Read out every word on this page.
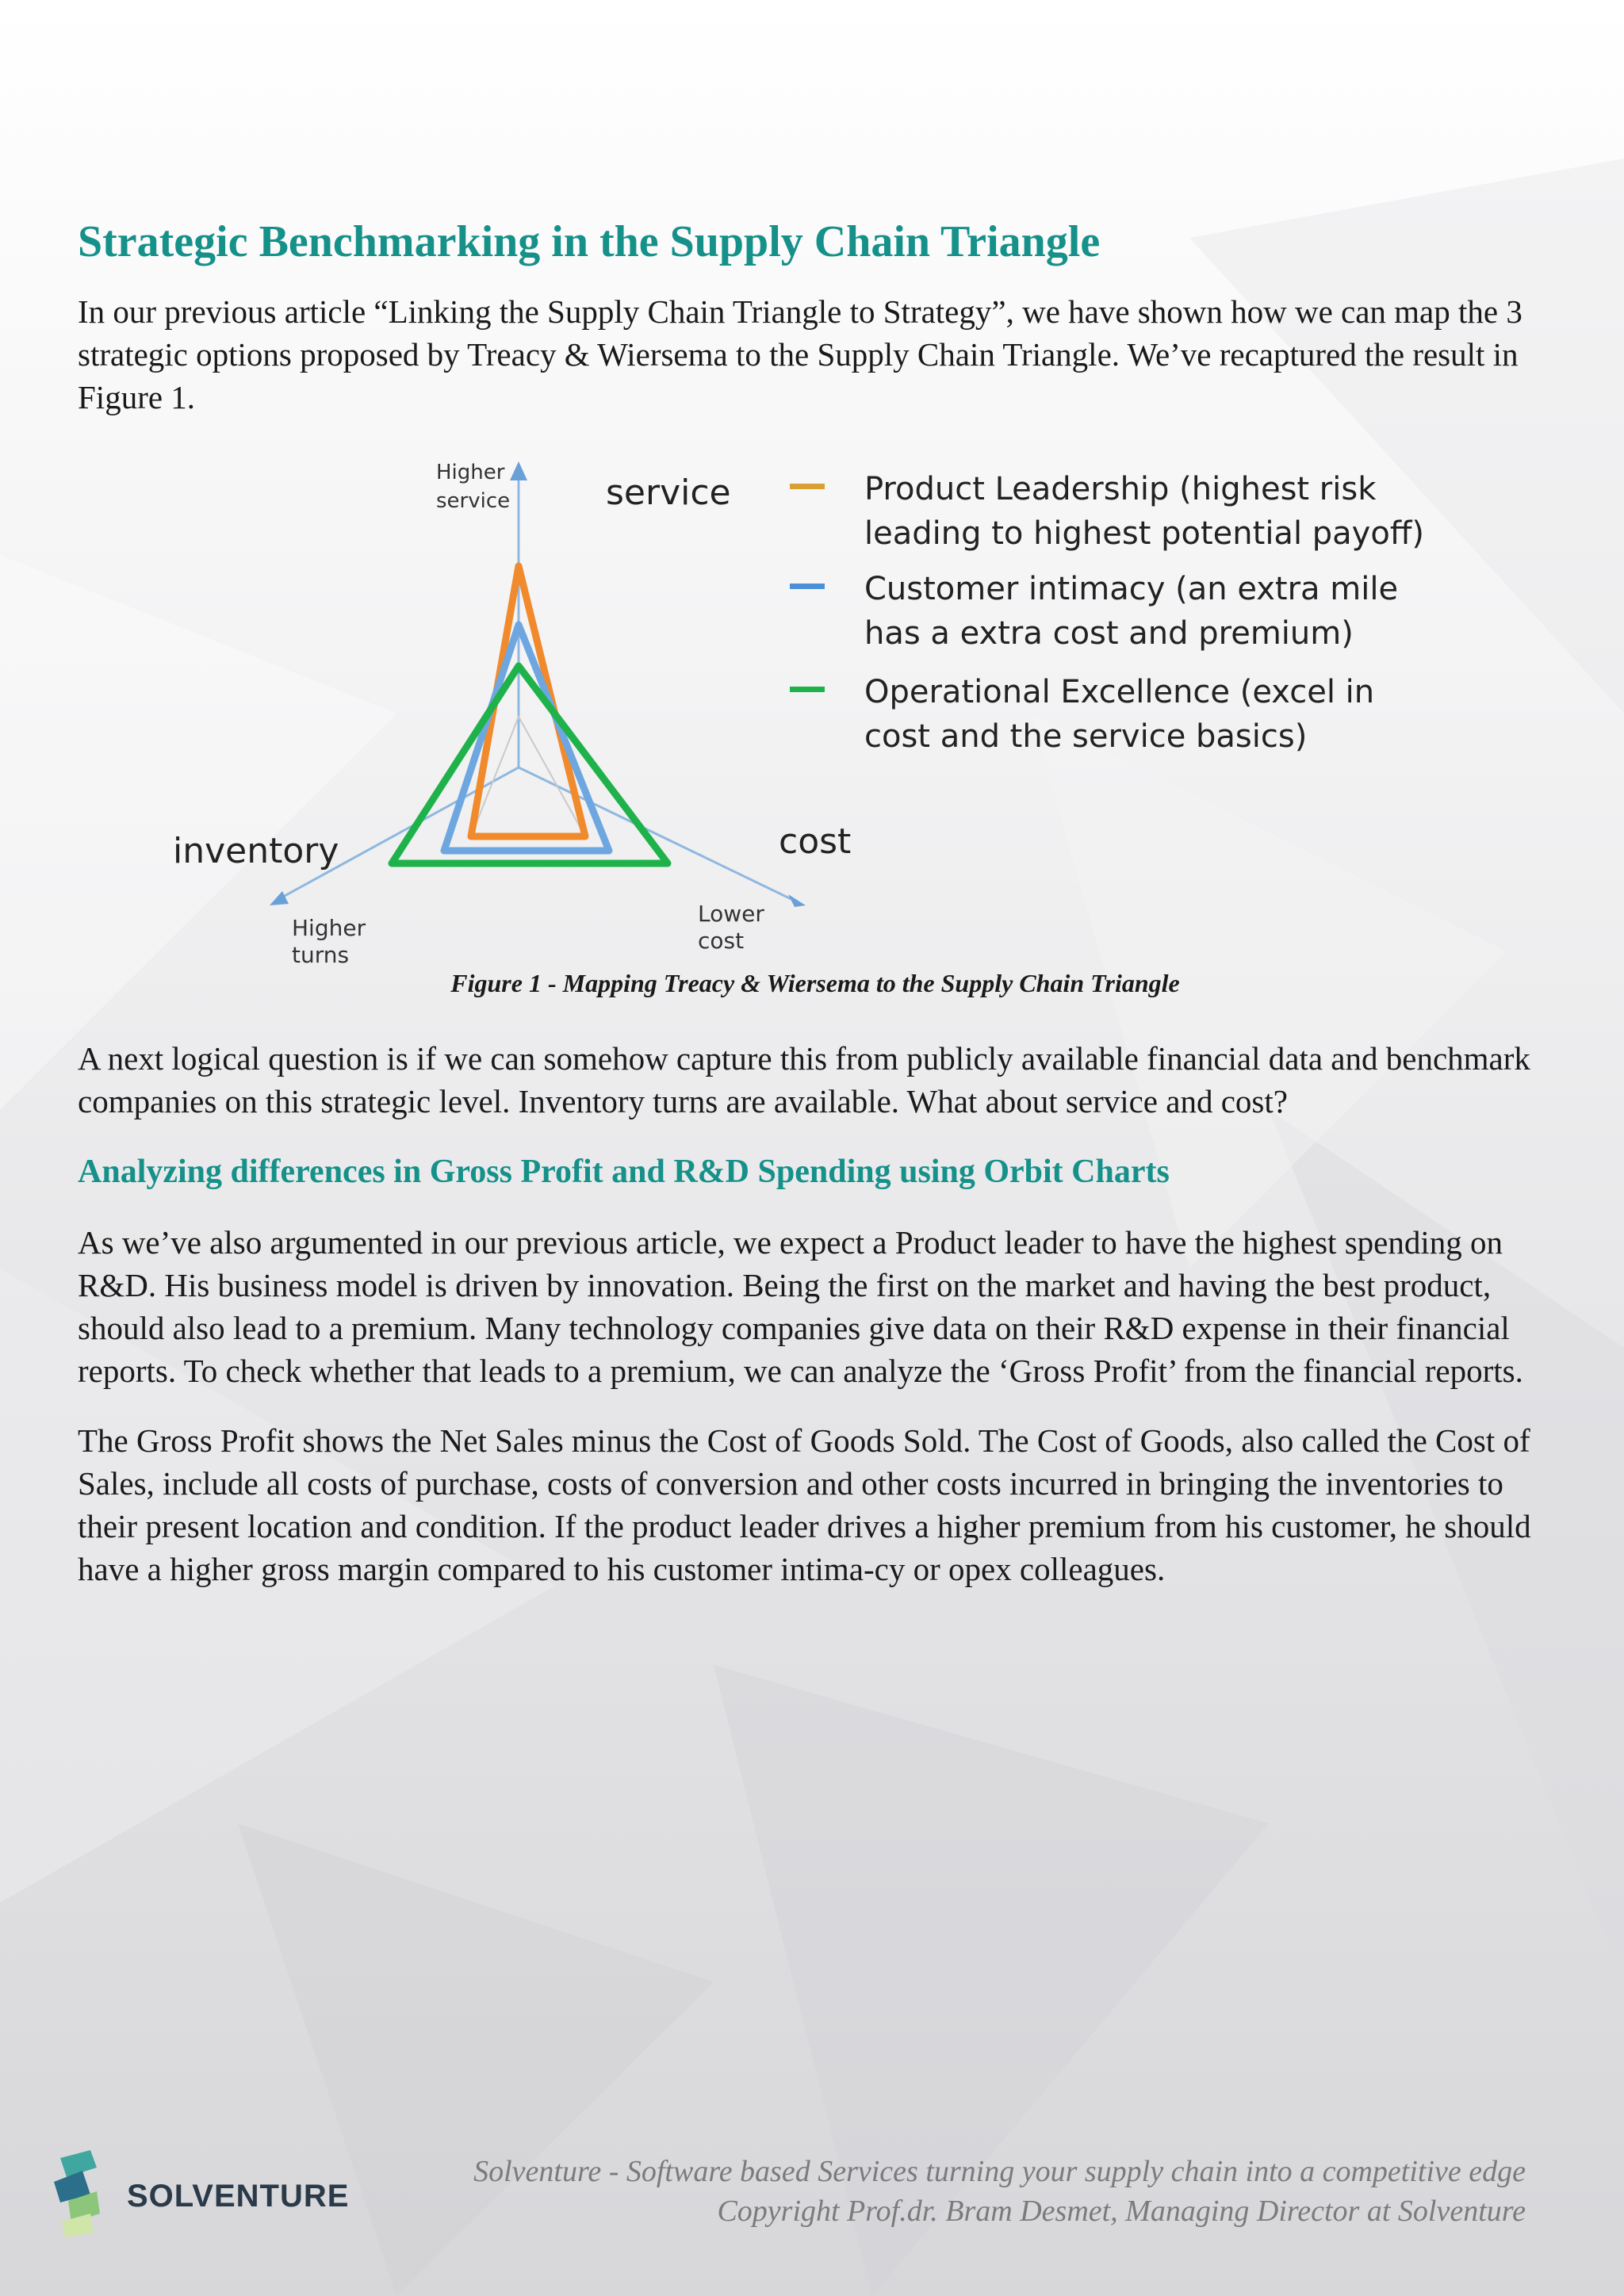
Strategic Benchmarking in the Supply Chain Triangle

In our previous article “Linking the Supply Chain Triangle to Strategy”, we have shown how we can map the 3 strategic options proposed by Treacy & Wiersema to the Supply Chain Triangle. We’ve recaptured the result in Figure 1.

Higher
service	service
inventory	cost
Higher
turns
Lower
cost
Product Leadership (highest risk
leading to highest potential payoff)
Customer intimacy (an extra mile
has a extra cost and premium)
Operational Excellence (excel in
cost and the service basics)
Figure 1 - Mapping Treacy & Wiersema to the Supply Chain Triangle

A next logical question is if we can somehow capture this from publicly available financial data and benchmark companies on this strategic level. Inventory turns are available. What about service and cost?

Analyzing differences in Gross Profit and R&D Spending using Orbit Charts

As we’ve also argumented in our previous article, we expect a Product leader to have the highest spending on R&D. His business model is driven by innovation. Being the first on the market and having the best product, should also lead to a premium. Many technology companies give data on their R&D expense in their financial reports. To check whether that leads to a premium, we can analyze the ‘Gross Profit’ from the financial reports.

The Gross Profit shows the Net Sales minus the Cost of Goods Sold. The Cost of Goods, also called the Cost of Sales, include all costs of purchase, costs of conversion and other costs incurred in bringing the inventories to their present location and condition. If the product leader drives a higher premium from his customer, he should have a higher gross margin compared to his customer intima-cy or opex colleagues.

SOLVENTURE
Solventure - Software based Services turning your supply chain into a competitive edge
Copyright Prof.dr. Bram Desmet, Managing Director at Solventure
